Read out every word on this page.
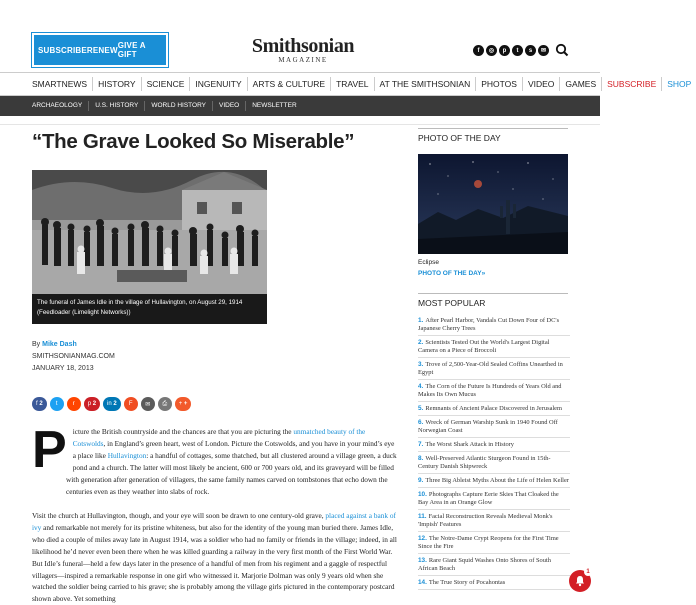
SUBSCRIBE RENEW GIVE A GIFT	Smithsonian
MAGAZINE
f	◎	p	t	s	✉
SMARTNEWS	HISTORY	SCIENCE	INGENUITY	ARTS & CULTURE	TRAVEL	AT THE SMITHSONIAN	PHOTOS	VIDEO	GAMES	SUBSCRIBE	SHOP
ARCHAEOLOGY	U.S. HISTORY	WORLD HISTORY	VIDEO	NEWSLETTER
“The Grave Looked So Miserable”
The funeral of James Idle in the village of Hullavington, on August 29, 1914 (Feedloader (Limelight Networks))
By Mike Dash
SMITHSONIANMAG.COM
JANUARY 18, 2013
f 2	t	r	p 2	in 2	F	✉	⎙	+ +
P icture the British countryside and the chances are that you are picturing the unmatched beauty of the Cotswolds, in England’s green heart, west of London. Picture the Cotswolds, and you have in your mind’s eye a place like Hullavington: a handful of cottages, some thatched, but all clustered around a village green, a duck pond and a church. The latter will most likely be ancient, 600 or 700 years old, and its graveyard will be filled with generation after generation of villagers, the same family names carved on tombstones that echo down the centuries even as they weather into slabs of rock.

Visit the church at Hullavington, though, and your eye will soon be drawn to one century-old grave, placed against a bank of ivy and remarkable not merely for its pristine whiteness, but also for the identity of the young man buried there. James Idle, who died a couple of miles away late in August 1914, was a soldier who had no family or friends in the village; indeed, in all likelihood he’d never even been there when he was killed guarding a railway in the very first month of the First World War. But Idle’s funeral—held a few days later in the presence of a handful of men from his regiment and a gaggle of respectful villagers—inspired a remarkable response in one girl who witnessed it. Marjorie Dolman was only 9 years old when she watched the soldier being carried to his grave; she is probably among the village girls pictured in the contemporary postcard shown above. Yet something

PHOTO OF THE DAY
Eclipse
PHOTO OF THE DAY»
MOST POPULAR
1. After Pearl Harbor, Vandals Cut Down Four of DC's Japanese Cherry Trees
2. Scientists Tested Out the World's Largest Digital Camera on a Piece of Broccoli
3. Trove of 2,500-Year-Old Sealed Coffins Unearthed in Egypt
4. The Corn of the Future Is Hundreds of Years Old and Makes Its Own Mucus
5. Remnants of Ancient Palace Discovered in Jerusalem
6. Wreck of German Warship Sunk in 1940 Found Off Norwegian Coast
7. The Worst Shark Attack in History
8. Well-Preserved Atlantic Sturgeon Found in 15th-Century Danish Shipwreck
9. Three Big Ableist Myths About the Life of Helen Keller
10. Photographs Capture Eerie Skies That Cloaked the Bay Area in an Orange Glow
11. Facial Reconstruction Reveals Medieval Monk's 'Impish' Features
12. The Notre-Dame Crypt Reopens for the First Time Since the Fire
13. Rare Giant Squid Washes Onto Shores of South African Beach
14. The True Story of Pocahontas
1
